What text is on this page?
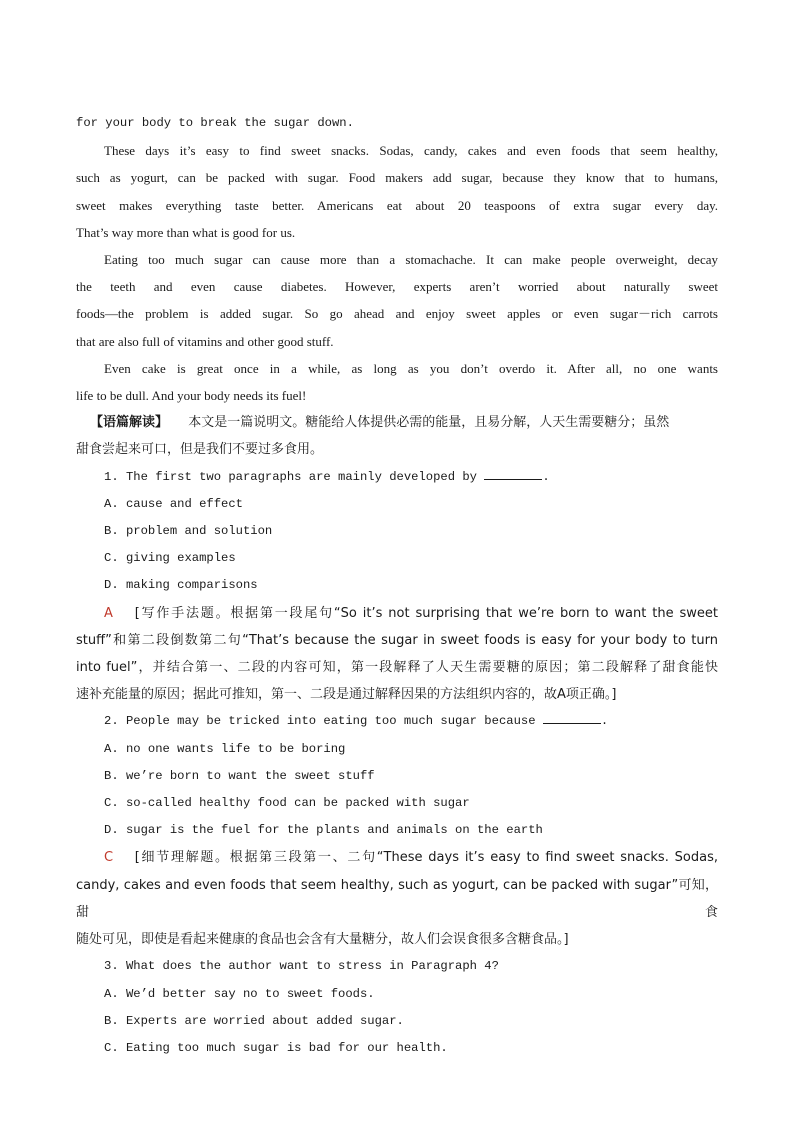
for your body to break the sugar down.
These days it’s easy to find sweet snacks. Sodas, candy, cakes and even foods that seem healthy,
such as yogurt, can be packed with sugar. Food makers add sugar, because they know that to humans,
sweet makes everything taste better. Americans eat about 20 teaspoons of extra sugar every day.
That’s way more than what is good for us.
Eating too much sugar can cause more than a stomachache. It can make people overweight, decay
the teeth and even cause diabetes. However, experts aren’t worried about naturally sweet
foods—the problem is added sugar. So go ahead and enjoy sweet apples or even sugar－rich carrots
that are also full of vitamins and other good stuff.
Even cake is great once in a while, as long as you don’t overdo it. After all, no one wants
life to be dull. And your body needs its fuel!
【语篇解读】 本文是一篇说明文。糖能给人体提供必需的能量，且易分解，人天生需要糖分；虽然
甜食尝起来可口，但是我们不要过多食用。
1. The first two paragraphs are mainly developed by	.
A. cause and effect
B. problem and solution
C. giving examples
D. making comparisons
A [写作手法题。根据第一段尾句“So it’s not surprising that we’re born to want the sweet
stuff”和第二段倒数第二句“That’s because the sugar in sweet foods is easy for your body to turn
into fuel”，并结合第一、二段的内容可知，第一段解释了人天生需要糖的原因；第二段解释了甜食能快
速补充能量的原因；据此可推知，第一、二段是通过解释因果的方法组织内容的，故A项正确。]
2. People may be tricked into eating too much sugar because	.
A. no one wants life to be boring
B. we’re born to want the sweet stuff
C. so-called healthy food can be packed with sugar
D. sugar is the fuel for the plants and animals on the earth
C [细节理解题。根据第三段第一、二句“These days it’s easy to find sweet snacks. Sodas,
candy, cakes and even foods that seem healthy, such as yogurt, can be packed with sugar”可知，甜食
随处可见，即使是看起来健康的食品也会含有大量糖分，故人们会误食很多含糖食品。]
3. What does the author want to stress in Paragraph 4?
A. We’d better say no to sweet foods.
B. Experts are worried about added sugar.
C. Eating too much sugar is bad for our health.
